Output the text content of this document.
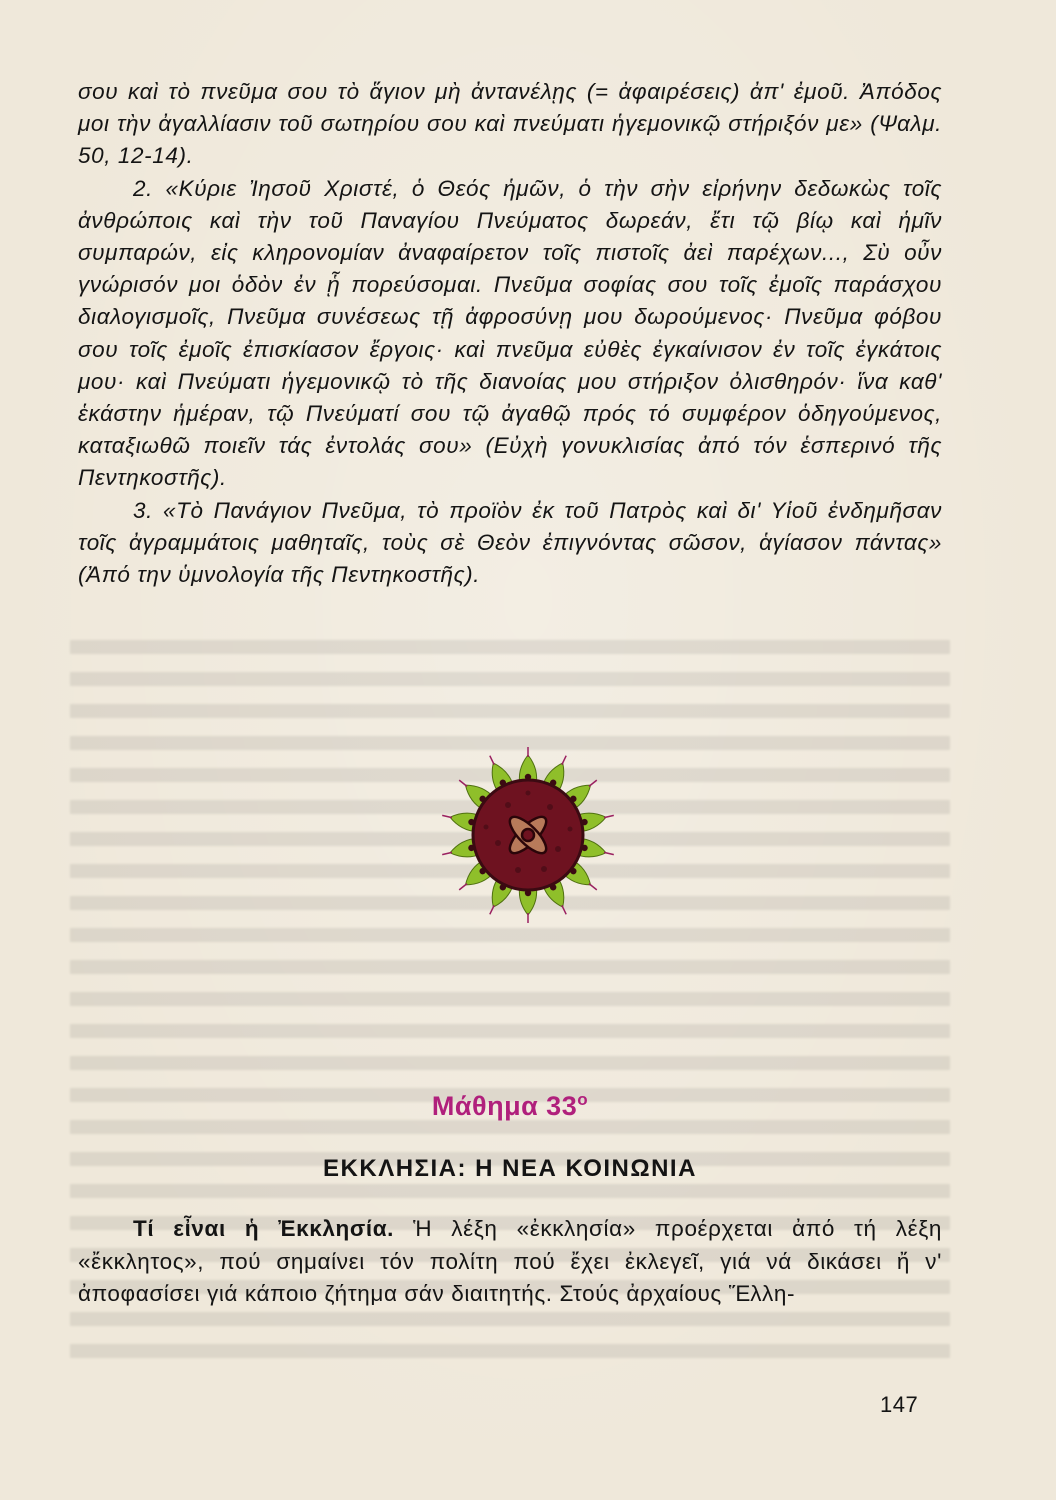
σου καὶ τὸ πνεῦμα σου τὸ ἅγιον μὴ ἀντανέλῃς (= ἀφαιρέσεις) ἀπ' ἐμοῦ. Ἀπόδος μοι τὴν ἀγαλλίασιν τοῦ σωτηρίου σου καὶ πνεύματι ἡγεμονικῷ στήριξόν με» (Ψαλμ. 50, 12-14).

2. «Κύριε Ἰησοῦ Χριστέ, ὁ Θεός ἡμῶν, ὁ τὴν σὴν εἰρήνην δεδωκὼς τοῖς ἀνθρώποις καὶ τὴν τοῦ Παναγίου Πνεύματος δωρεάν, ἔτι τῷ βίῳ καὶ ἡμῖν συμπαρών, εἰς κληρονομίαν ἀναφαίρετον τοῖς πιστοῖς ἀεὶ παρέχων..., Σὺ οὖν γνώρισόν μοι ὁδὸν ἐν ᾗ πορεύσομαι. Πνεῦμα σοφίας σου τοῖς ἐμοῖς παράσχου διαλογισμοῖς, Πνεῦμα συνέσεως τῇ ἀφροσύνῃ μου δωρούμενος· Πνεῦμα φόβου σου τοῖς ἐμοῖς ἐπισκίασον ἔργοις· καὶ πνεῦμα εὐθὲς ἐγκαίνισον ἐν τοῖς ἐγκάτοις μου· καὶ Πνεύματι ἡγεμονικῷ τὸ τῆς διανοίας μου στήριξον ὀλισθηρόν· ἵνα καθ' ἑκάστην ἡμέραν, τῷ Πνεύματί σου τῷ ἀγαθῷ πρός τό συμφέρον ὁδηγούμενος, καταξιωθῶ ποιεῖν τάς ἐντολάς σου» (Εὐχὴ γονυκλισίας ἀπό τόν ἑσπερινό τῆς Πεντηκοστῆς).

3. «Τὸ Πανάγιον Πνεῦμα, τὸ προϊὸν ἐκ τοῦ Πατρὸς καὶ δι' Υἱοῦ ἐνδημῆσαν τοῖς ἀγραμμάτοις μαθηταῖς, τοὺς σὲ Θεὸν ἐπιγνόντας σῶσον, ἁγίασον πάντας» (Ἀπό την ὑμνολογία τῆς Πεντηκοστῆς).

Μάθημα $33^o$
ΕΚΚΛΗΣΙΑ: Η ΝΕΑ ΚΟΙΝΩΝΙΑ

Τί εἶναι ἡ Ἐκκλησία. Ἡ λέξη «ἐκκλησία» προέρχεται ἀπό τή λέξη «ἔκκλητος», πού σημαίνει τόν πολίτη πού ἔχει ἐκλεγεῖ, γιά νά δικάσει ἤ ν' ἀποφασίσει γιά κάποιο ζήτημα σάν διαιτητής. Στούς ἀρχαίους Ἕλλη-

147
